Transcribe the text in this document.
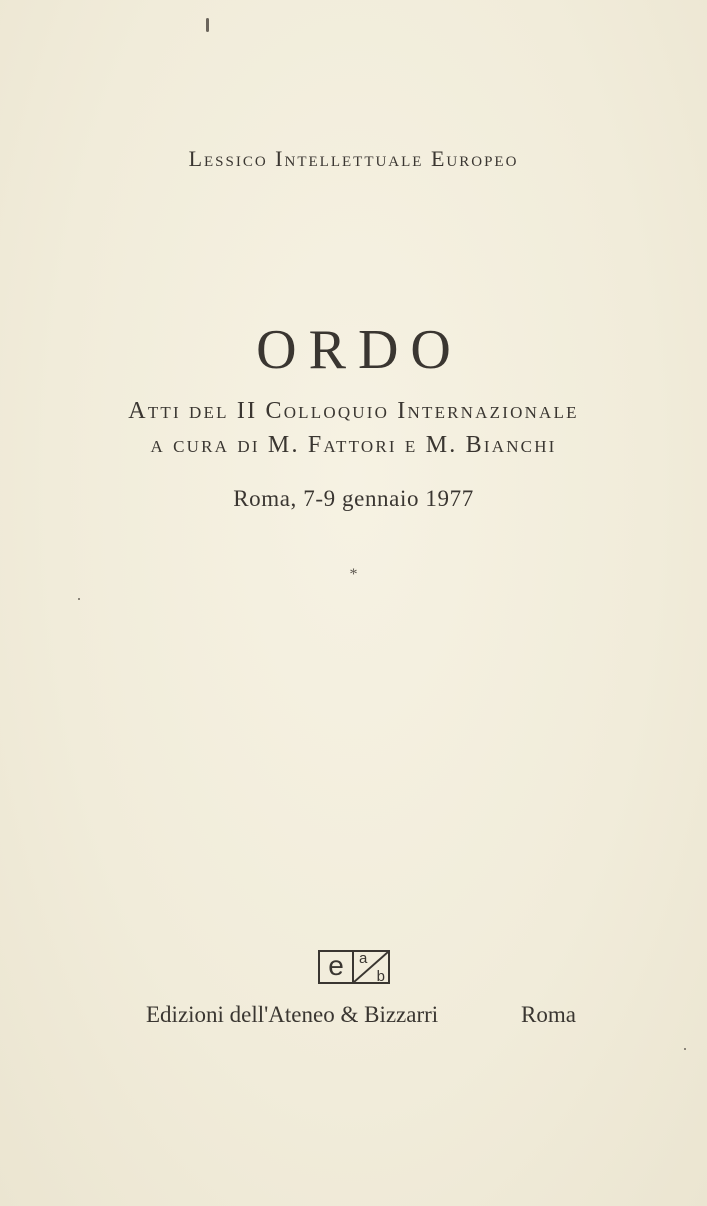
Lessico Intellettuale Europeo
ORDO
Atti del II Colloquio Internazionale
a cura di M. Fattori e M. Bianchi
Roma, 7-9 gennaio 1977
*
e	a
b
Edizioni dell'Ateneo & Bizzarri	Roma
